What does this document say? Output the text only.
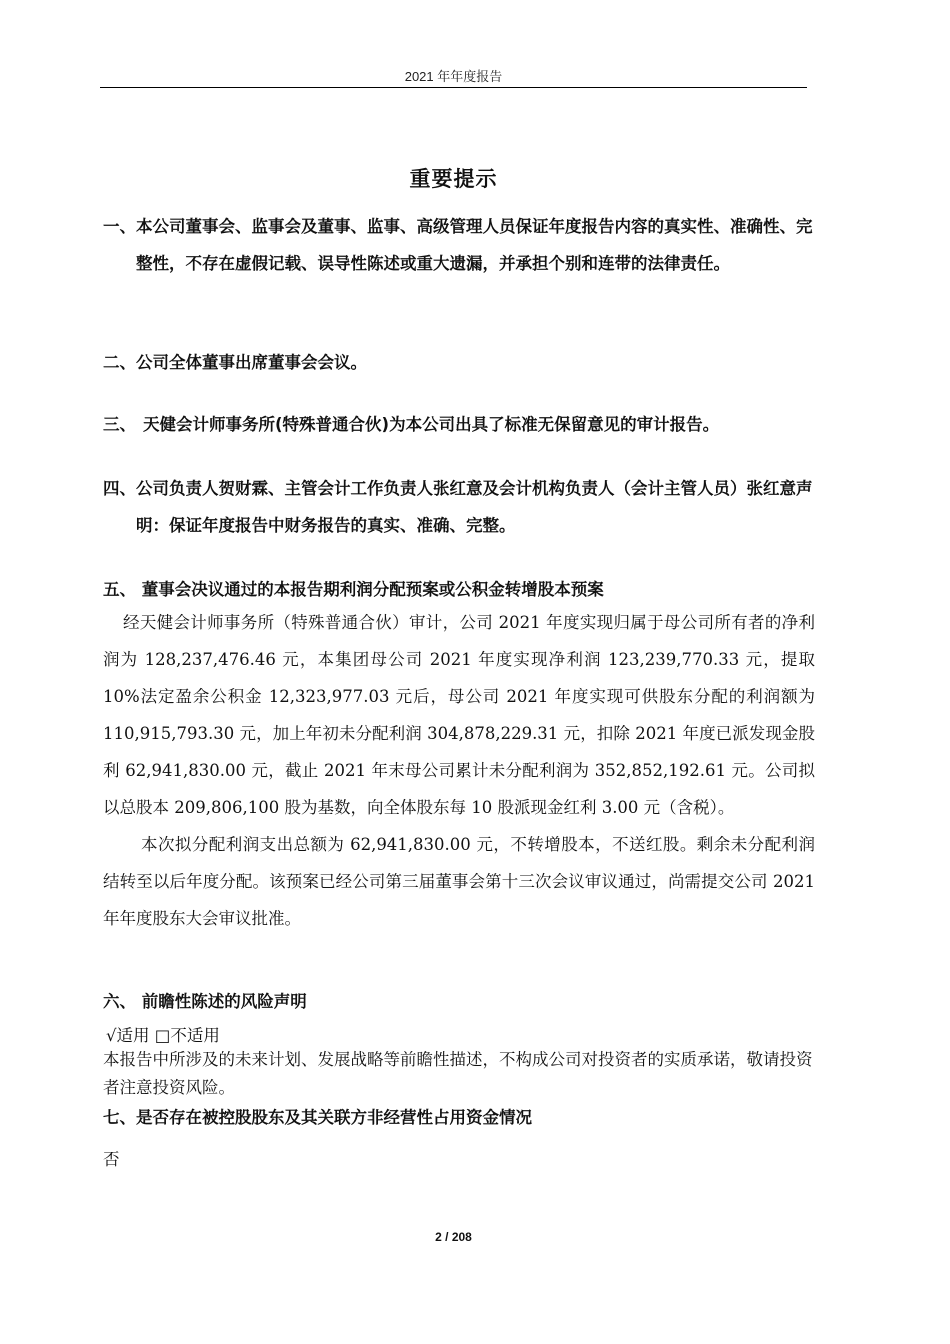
2021 年年度报告
重要提示
一、 本公司董事会、监事会及董事、监事、高级管理人员保证年度报告内容的真实性、准确性、完整性，不存在虚假记载、误导性陈述或重大遗漏，并承担个别和连带的法律责任。
二、 公司全体董事出席董事会会议。
三、 天健会计师事务所(特殊普通合伙)为本公司出具了标准无保留意见的审计报告。
四、 公司负责人贺财霖、主管会计工作负责人张红意及会计机构负责人（会计主管人员）张红意声明：保证年度报告中财务报告的真实、准确、完整。
五、 董事会决议通过的本报告期利润分配预案或公积金转增股本预案

经天健会计师事务所（特殊普通合伙）审计，公司 2021 年度实现归属于母公司所有者的净利润为 128,237,476.46 元，本集团母公司 2021 年度实现净利润 123,239,770.33 元，提取 10%法定盈余公积金 12,323,977.03 元后，母公司 2021 年度实现可供股东分配的利润额为 110,915,793.30 元，加上年初未分配利润 304,878,229.31 元，扣除 2021 年度已派发现金股利 62,941,830.00 元，截止 2021 年末母公司累计未分配利润为 352,852,192.61 元。公司拟以总股本 209,806,100 股为基数，向全体股东每 10 股派现金红利 3.00 元（含税）。

本次拟分配利润支出总额为 62,941,830.00 元，不转增股本，不送红股。剩余未分配利润结转至以后年度分配。该预案已经公司第三届董事会第十三次会议审议通过，尚需提交公司 2021 年年度股东大会审议批准。

六、 前瞻性陈述的风险声明
√适用 □不适用
本报告中所涉及的未来计划、发展战略等前瞻性描述，不构成公司对投资者的实质承诺，敬请投资者注意投资风险。
七、是否存在被控股股东及其关联方非经营性占用资金情况
否
2 / 208
